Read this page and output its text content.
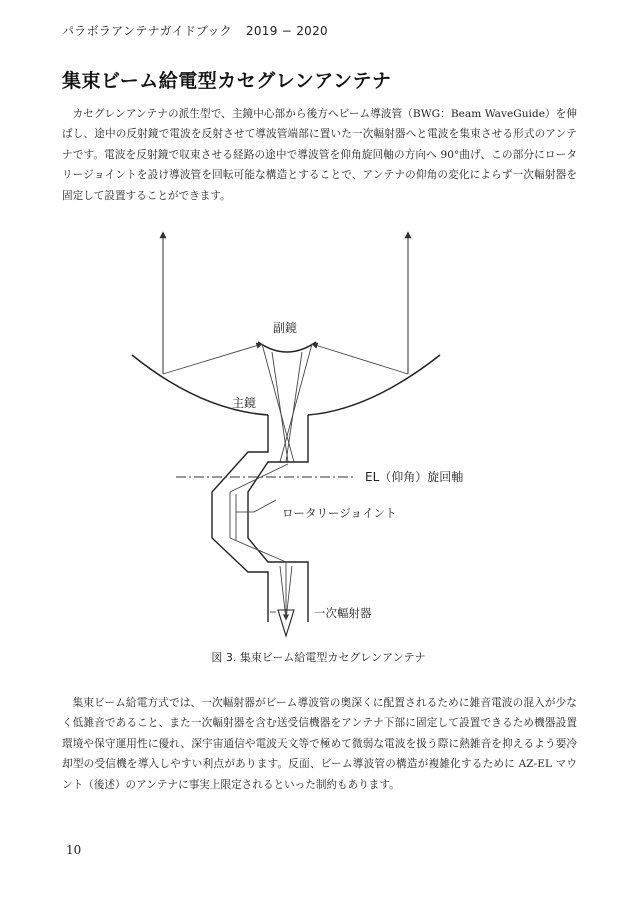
パラボラアンテナガイドブック 2019 − 2020
集束ビーム給電型カセグレンアンテナ

カセグレンアンテナの派生型で、主鏡中心部から後方へビーム導波管（BWG：Beam WaveGuide）を伸ばし、途中の反射鏡で電波を反射させて導波管端部に置いた一次輻射器へと電波を集束させる形式のアンテナです。電波を反射鏡で収束させる経路の途中で導波管を仰角旋回軸の方向へ 90°曲げ、この部分にロータリージョイントを設け導波管を回転可能な構造とすることで、アンテナの仰角の変化によらず一次輻射器を固定して設置することができます。

副鏡
主鏡
EL（仰角）旋回軸
ロータリージョイント
一次輻射器
図 3. 集束ビーム給電型カセグレンアンテナ

集束ビーム給電方式では、一次輻射器がビーム導波管の奥深くに配置されるために雑音電波の混入が少なく低雑音であること、また一次輻射器を含む送受信機器をアンテナ下部に固定して設置できるため機器設置環境や保守運用性に優れ、深宇宙通信や電波天文等で極めて微弱な電波を扱う際に熱雑音を抑えるよう要冷却型の受信機を導入しやすい利点があります。反面、ビーム導波管の構造が複雑化するために AZ-EL マウント（後述）のアンテナに事実上限定されるといった制約もあります。

10
